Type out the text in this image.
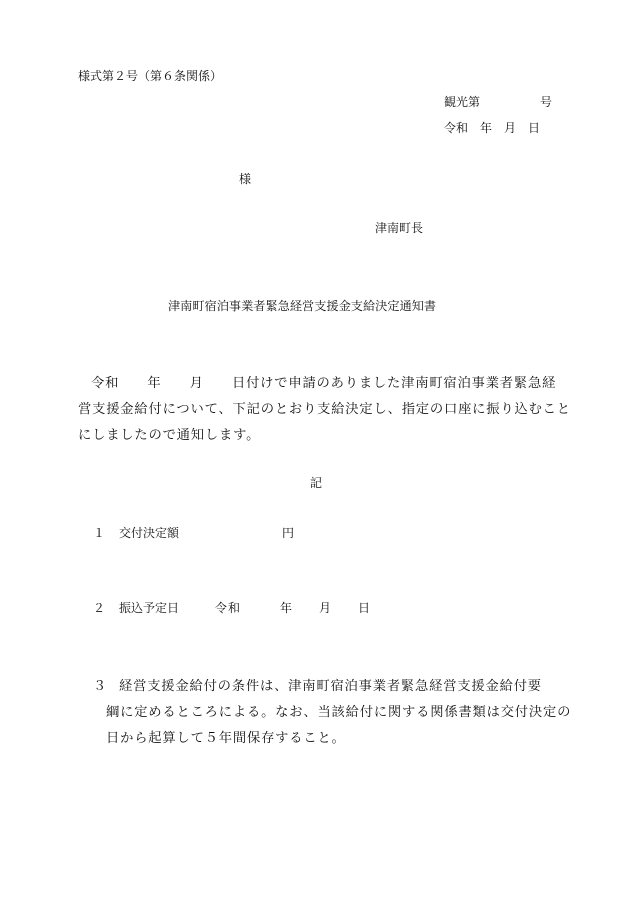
様式第２号（第６条関係）
観光第　　　　　号
令和　年　月　日
様
津南町長
津南町宿泊事業者緊急経営支援金支給決定通知書
令和　　年　　月　　日付けで申請のありました津南町宿泊事業者緊急経
営支援金給付について、下記のとおり支給決定し、指定の口座に振り込むこと
にしましたので通知します。
記
１ 交付決定額	円
２ 振込予定日	令和　　　年　　月　　日
３ 経営支援金給付の条件は、津南町宿泊事業者緊急経営支援金給付要
綱に定めるところによる。なお、当該給付に関する関係書類は交付決定の
日から起算して５年間保存すること。
